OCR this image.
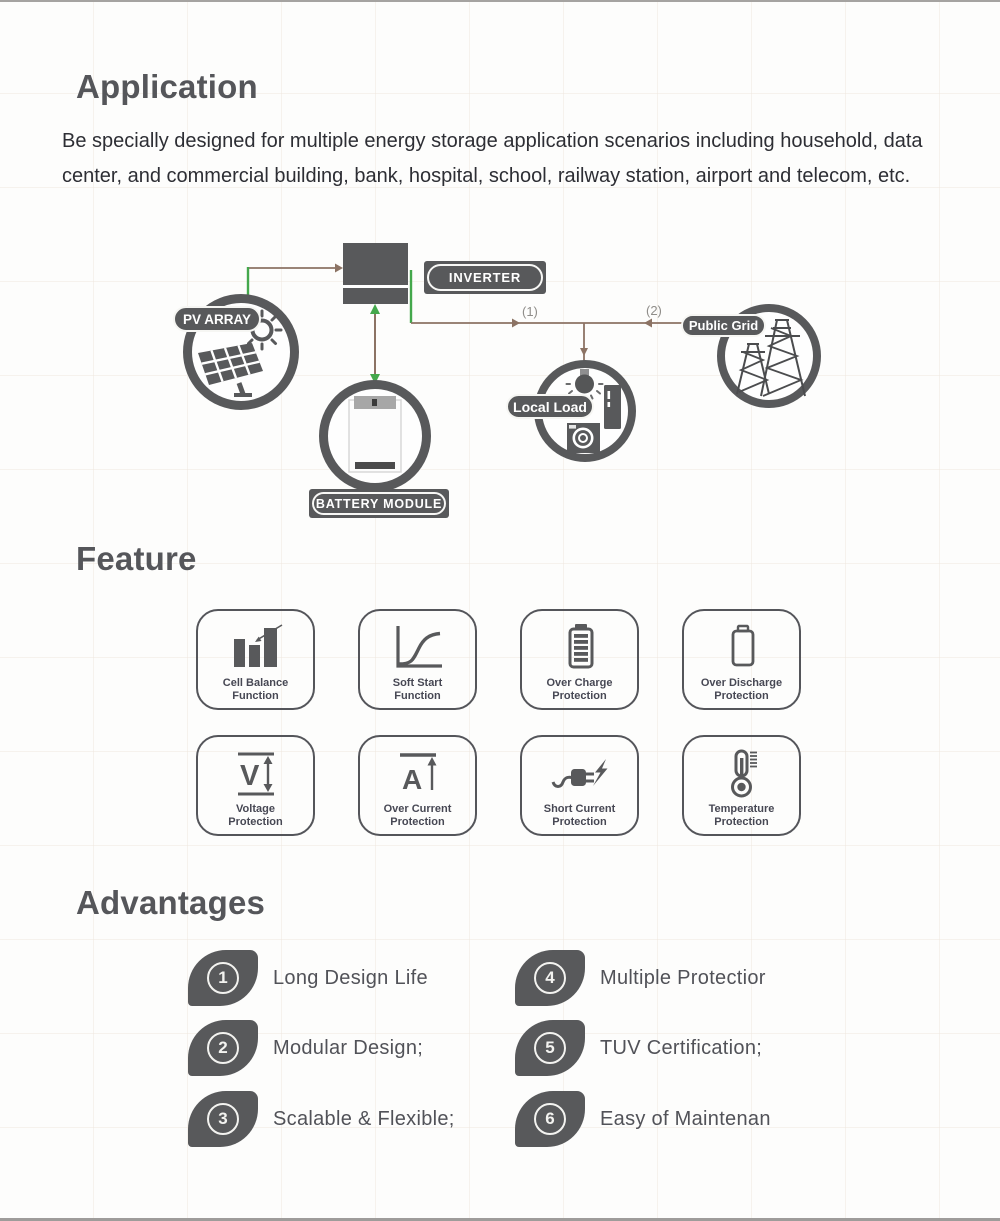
Application
Be specially designed for multiple energy storage application scenarios including household, data center, and commercial building, bank, hospital, school, railway station, airport and telecom, etc.
(1)	(2)
INVERTER
PV ARRAY
BATTERY MODULE
Local Load
Public Grid
Feature
Cell Balance
Function
Soft Start
Function
Over Charge
Protection
Over Discharge
Protection
V
Voltage
Protection
A
Over Current
Protection
Short Current
Protection
Temperature
Protection
Advantages
1	Long Design Life
2	Modular Design;
3	Scalable & Flexible;
4	Multiple Protectior
5	TUV Certification;
6	Easy of Maintenan
